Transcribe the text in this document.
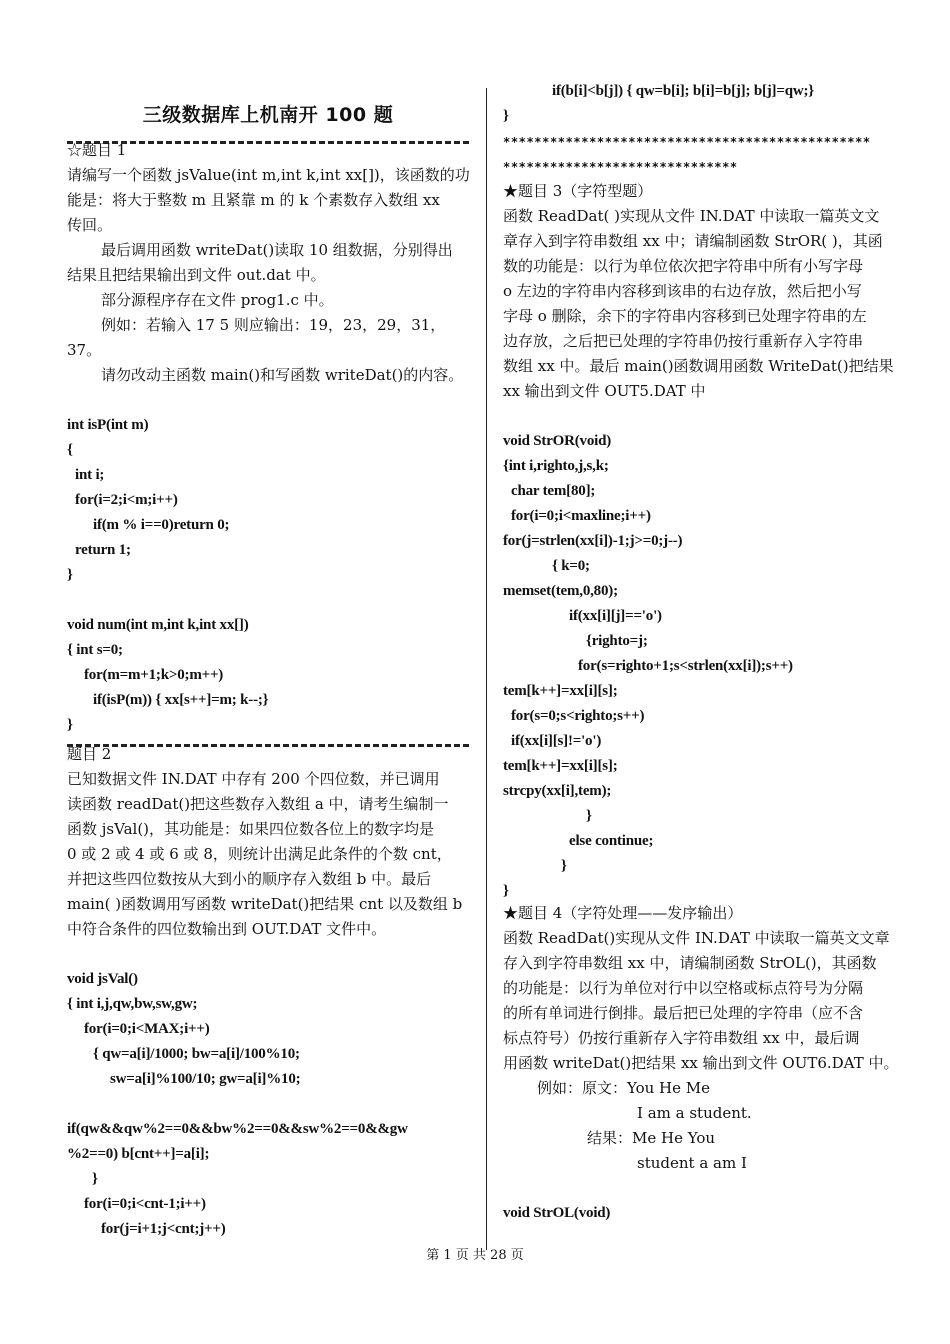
三级数据库上机南开 100 题
☆题目 1
请编写一个函数 jsValue(int m,int k,int xx[])，该函数的功
能是：将大于整数 m 且紧靠 m 的 k 个素数存入数组 xx
传回。
最后调用函数 writeDat()读取 10 组数据，分别得出
结果且把结果输出到文件 out.dat 中。
部分源程序存在文件 prog1.c 中。
例如：若输入 17 5 则应输出：19，23，29，31，
37。
请勿改动主函数 main()和写函数 writeDat()的内容。
int isP(int m)
{
int i;
for(i=2;i<m;i++)
if(m % i==0)return 0;
return 1;
}
void num(int m,int k,int xx[])
{ int s=0;
for(m=m+1;k>0;m++)
if(isP(m)) { xx[s++]=m; k--;}
}
题目 2
已知数据文件 IN.DAT 中存有 200 个四位数，并已调用
读函数 readDat()把这些数存入数组 a 中，请考生编制一
函数 jsVal()，其功能是：如果四位数各位上的数字均是
0 或 2 或 4 或 6 或 8，则统计出满足此条件的个数 cnt，
并把这些四位数按从大到小的顺序存入数组 b 中。最后
main( )函数调用写函数 writeDat()把结果 cnt 以及数组 b
中符合条件的四位数输出到 OUT.DAT 文件中。
void jsVal()
{ int i,j,qw,bw,sw,gw;
for(i=0;i<MAX;i++)
{ qw=a[i]/1000; bw=a[i]/100%10;
sw=a[i]%100/10; gw=a[i]%10;
if(qw&&qw%2==0&&bw%2==0&&sw%2==0&&gw
%2==0) b[cnt++]=a[i];
}
for(i=0;i<cnt-1;i++)
for(j=i+1;j<cnt;j++)
if(b[i]<b[j]) { qw=b[i]; b[i]=b[j]; b[j]=qw;}
}
***********************************************
******************************
★题目 3（字符型题）
函数 ReadDat( )实现从文件 IN.DAT 中读取一篇英文文
章存入到字符串数组 xx 中；请编制函数 StrOR( )，其函
数的功能是：以行为单位依次把字符串中所有小写字母
o 左边的字符串内容移到该串的右边存放，然后把小写
字母 o 删除，余下的字符串内容移到已处理字符串的左
边存放，之后把已处理的字符串仍按行重新存入字符串
数组 xx 中。最后 main()函数调用函数 WriteDat()把结果
xx 输出到文件 OUT5.DAT 中
void StrOR(void)
{int i,righto,j,s,k;
char tem[80];
for(i=0;i<maxline;i++)
for(j=strlen(xx[i])-1;j>=0;j--)
{ k=0;
memset(tem,0,80);
if(xx[i][j]=='o')
{righto=j;
for(s=righto+1;s<strlen(xx[i]);s++)
tem[k++]=xx[i][s];
for(s=0;s<righto;s++)
if(xx[i][s]!='o')
tem[k++]=xx[i][s];
strcpy(xx[i],tem);
}
else continue;
}
}
★题目 4（字符处理——发序输出）
函数 ReadDat()实现从文件 IN.DAT 中读取一篇英文文章
存入到字符串数组 xx 中，请编制函数 StrOL()，其函数
的功能是：以行为单位对行中以空格或标点符号为分隔
的所有单词进行倒排。最后把已处理的字符串（应不含
标点符号）仍按行重新存入字符串数组 xx 中，最后调
用函数 writeDat()把结果 xx 输出到文件 OUT6.DAT 中。
例如：原文：You He Me
I am a student.
结果：Me He You
student a am I
void StrOL(void)
第 1 页 共 28 页
